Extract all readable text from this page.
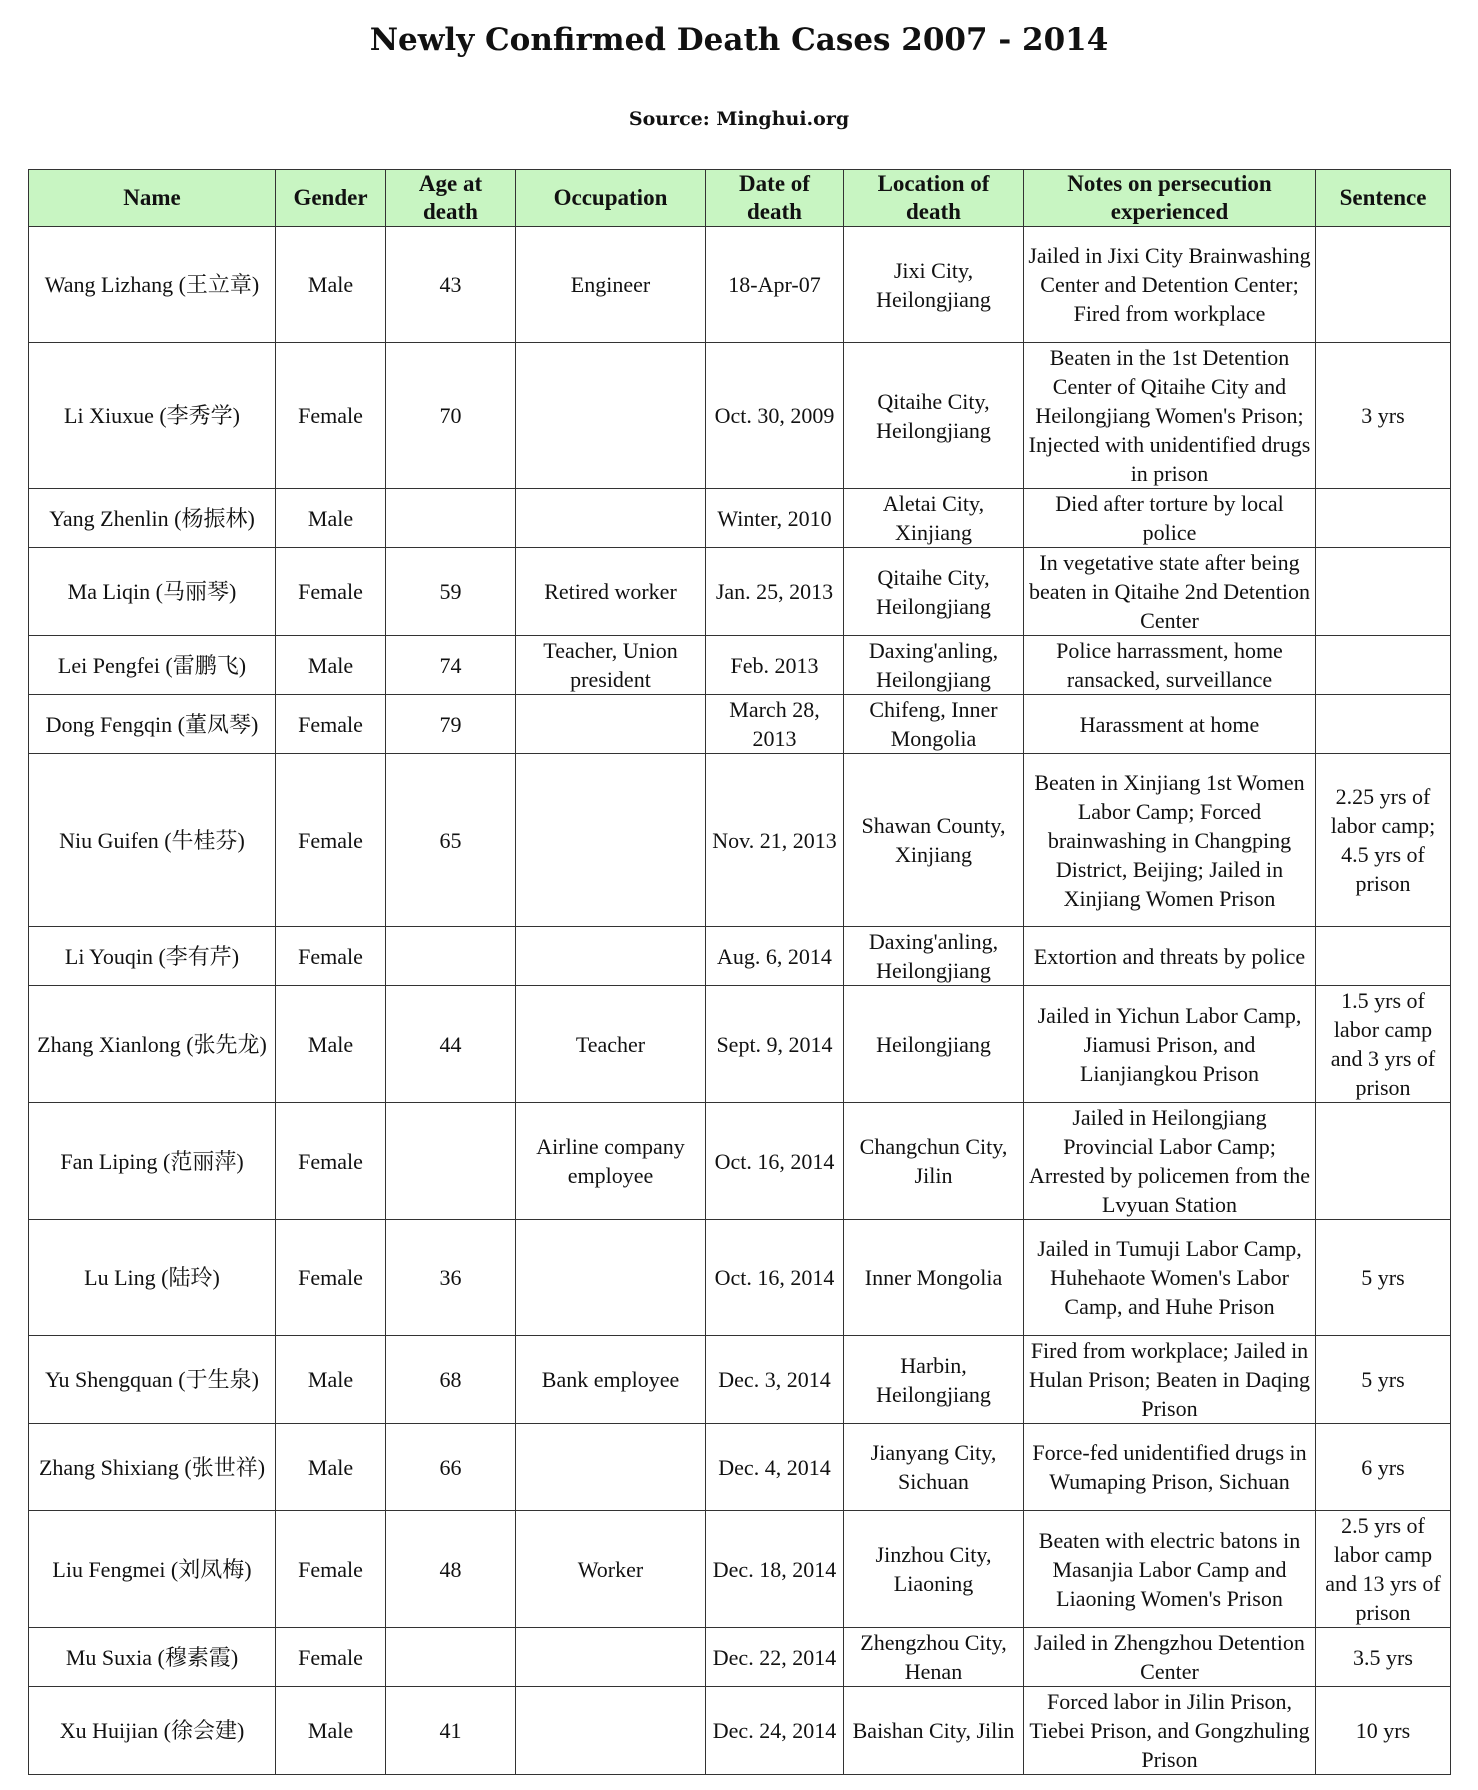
Newly Confirmed Death Cases 2007 - 2014
Source: Minghui.org
Name	Gender	Age at death	Occupation	Date of death	Location of death	Notes on persecution experienced	Sentence
Wang Lizhang (王立章)	Male	43	Engineer	18-Apr-07	Jixi City, Heilongjiang	Jailed in Jixi City Brainwashing Center and Detention Center; Fired from workplace	
Li Xiuxue (李秀学)	Female	70		Oct. 30, 2009	Qitaihe City, Heilongjiang	Beaten in the 1st Detention Center of Qitaihe City and Heilongjiang Women's Prison; Injected with unidentified drugs in prison	3 yrs
Yang Zhenlin (杨振林)	Male			Winter, 2010	Aletai City, Xinjiang	Died after torture by local police	
Ma Liqin (马丽琴)	Female	59	Retired worker	Jan. 25, 2013	Qitaihe City, Heilongjiang	In vegetative state after being beaten in Qitaihe 2nd Detention Center	
Lei Pengfei (雷鹏飞)	Male	74	Teacher, Union president	Feb. 2013	Daxing'anling, Heilongjiang	Police harrassment, home ransacked, surveillance	
Dong Fengqin (董凤琴)	Female	79		March 28, 2013	Chifeng, Inner Mongolia	Harassment at home	
Niu Guifen (牛桂芬)	Female	65		Nov. 21, 2013	Shawan County, Xinjiang	Beaten in Xinjiang 1st Women Labor Camp; Forced brainwashing in Changping District, Beijing; Jailed in Xinjiang Women Prison	2.25 yrs of labor camp; 4.5 yrs of prison
Li Youqin (李有芹)	Female			Aug. 6, 2014	Daxing'anling, Heilongjiang	Extortion and threats by police	
Zhang Xianlong (张先龙)	Male	44	Teacher	Sept. 9, 2014	Heilongjiang	Jailed in Yichun Labor Camp, Jiamusi Prison, and Lianjiangkou Prison	1.5 yrs of labor camp and 3 yrs of prison
Fan Liping (范丽萍)	Female		Airline company employee	Oct. 16, 2014	Changchun City, Jilin	Jailed in Heilongjiang Provincial Labor Camp; Arrested by policemen from the Lvyuan Station	
Lu Ling (陆玲)	Female	36		Oct. 16, 2014	Inner Mongolia	Jailed in Tumuji Labor Camp, Huhehaote Women's Labor Camp, and Huhe Prison	5 yrs
Yu Shengquan (于生泉)	Male	68	Bank employee	Dec. 3, 2014	Harbin, Heilongjiang	Fired from workplace; Jailed in Hulan Prison; Beaten in Daqing Prison	5 yrs
Zhang Shixiang (张世祥)	Male	66		Dec. 4, 2014	Jianyang City, Sichuan	Force-fed unidentified drugs in Wumaping Prison, Sichuan	6 yrs
Liu Fengmei (刘凤梅)	Female	48	Worker	Dec. 18, 2014	Jinzhou City, Liaoning	Beaten with electric batons in Masanjia Labor Camp and Liaoning Women's Prison	2.5 yrs of labor camp and 13 yrs of prison
Mu Suxia (穆素霞)	Female			Dec. 22, 2014	Zhengzhou City, Henan	Jailed in Zhengzhou Detention Center	3.5 yrs
Xu Huijian (徐会建)	Male	41		Dec. 24, 2014	Baishan City, Jilin	Forced labor in Jilin Prison, Tiebei Prison, and Gongzhuling Prison	10 yrs
